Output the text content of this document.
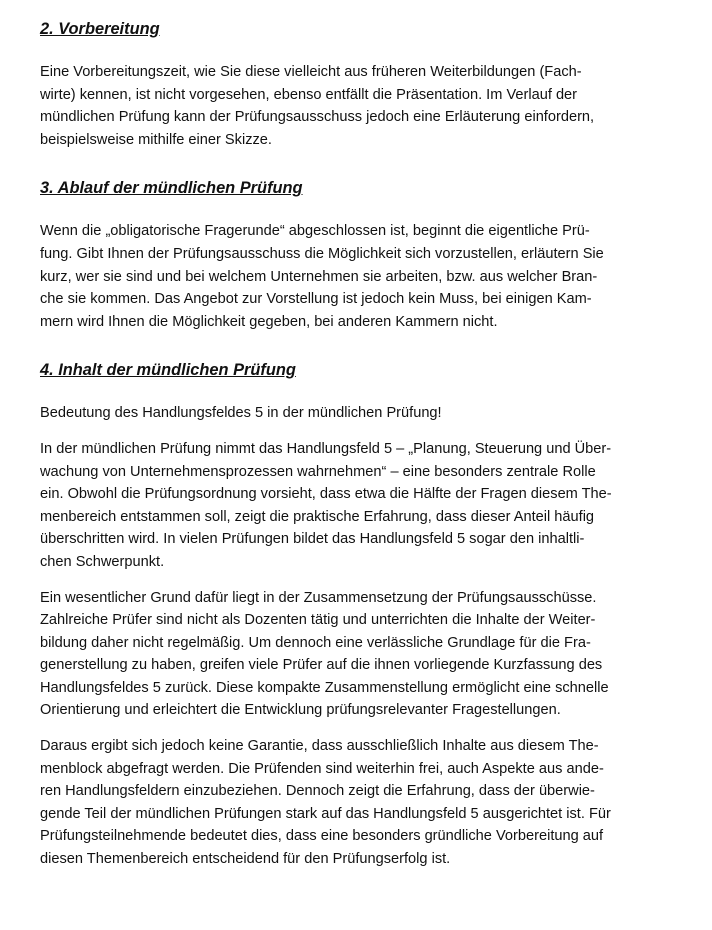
2. Vorbereitung

Eine Vorbereitungszeit, wie Sie diese vielleicht aus früheren Weiterbildungen (Fach-
wirte) kennen, ist nicht vorgesehen, ebenso entfällt die Präsentation. Im Verlauf der
mündlichen Prüfung kann der Prüfungsausschuss jedoch eine Erläuterung einfordern,
beispielsweise mithilfe einer Skizze.

3. Ablauf der mündlichen Prüfung

Wenn die „obligatorische Fragerunde“ abgeschlossen ist, beginnt die eigentliche Prü-
fung. Gibt Ihnen der Prüfungsausschuss die Möglichkeit sich vorzustellen, erläutern Sie
kurz, wer sie sind und bei welchem Unternehmen sie arbeiten, bzw. aus welcher Bran-
che sie kommen. Das Angebot zur Vorstellung ist jedoch kein Muss, bei einigen Kam-
mern wird Ihnen die Möglichkeit gegeben, bei anderen Kammern nicht.

4. Inhalt der mündlichen Prüfung

Bedeutung des Handlungsfeldes 5 in der mündlichen Prüfung!

In der mündlichen Prüfung nimmt das Handlungsfeld 5 – „Planung, Steuerung und Über-
wachung von Unternehmensprozessen wahrnehmen“ – eine besonders zentrale Rolle
ein. Obwohl die Prüfungsordnung vorsieht, dass etwa die Hälfte der Fragen diesem The-
menbereich entstammen soll, zeigt die praktische Erfahrung, dass dieser Anteil häufig
überschritten wird. In vielen Prüfungen bildet das Handlungsfeld 5 sogar den inhaltli-
chen Schwerpunkt.

Ein wesentlicher Grund dafür liegt in der Zusammensetzung der Prüfungsausschüsse.
Zahlreiche Prüfer sind nicht als Dozenten tätig und unterrichten die Inhalte der Weiter-
bildung daher nicht regelmäßig. Um dennoch eine verlässliche Grundlage für die Fra-
generstellung zu haben, greifen viele Prüfer auf die ihnen vorliegende Kurzfassung des
Handlungsfeldes 5 zurück. Diese kompakte Zusammenstellung ermöglicht eine schnelle
Orientierung und erleichtert die Entwicklung prüfungsrelevanter Fragestellungen.

Daraus ergibt sich jedoch keine Garantie, dass ausschließlich Inhalte aus diesem The-
menblock abgefragt werden. Die Prüfenden sind weiterhin frei, auch Aspekte aus ande-
ren Handlungsfeldern einzubeziehen. Dennoch zeigt die Erfahrung, dass der überwie-
gende Teil der mündlichen Prüfungen stark auf das Handlungsfeld 5 ausgerichtet ist. Für
Prüfungsteilnehmende bedeutet dies, dass eine besonders gründliche Vorbereitung auf
diesen Themenbereich entscheidend für den Prüfungserfolg ist.
